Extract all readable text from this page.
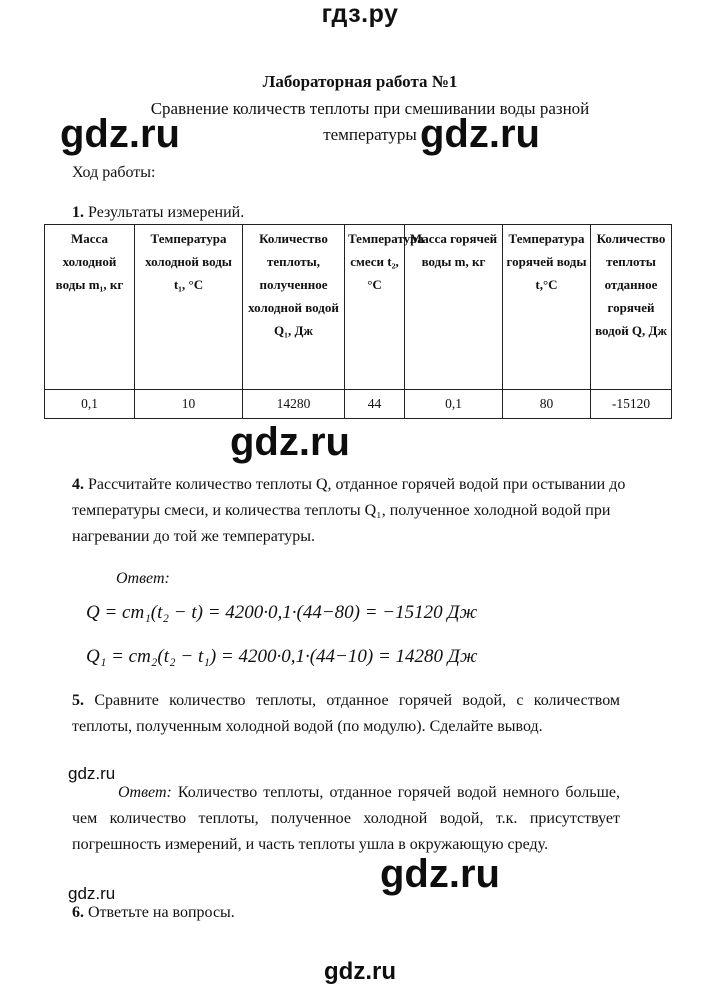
гдз.ру
Лабораторная работа №1
Сравнение количеств теплоты при смешивании воды разной температуры
gdz.ru	gdz.ru
Ход работы:
1. Результаты измерений.
Масса холодной воды m₁, кг	Температура холодной воды t₁, °C	Количество теплоты, полученное холодной водой Q₁, Дж	Температура смеси t₂, °C	Масса горячей воды m, кг	Температура горячей воды t,°C	Количество теплоты отданное горячей водой Q, Дж
0,1	10	14280	44	0,1	80	-15120
gdz.ru
4. Рассчитайте количество теплоты Q, отданное горячей водой при остывании до температуры смеси, и количества теплоты Q₁, полученное холодной водой при нагревании до той же температуры.
Ответ:
Q = cm₁(t₂ − t) = 4200·0,1·(44−80) = −15120 Дж
Q₁ = cm₂(t₂ − t₁) = 4200·0,1·(44−10) = 14280 Дж
5. Сравните количество теплоты, отданное горячей водой, с количеством теплоты, полученным холодной водой (по модулю). Сделайте вывод.
gdz.ru
Ответ: Количество теплоты, отданное горячей водой немного больше, чем количество теплоты, полученное холодной водой, т.к. присутствует погрешность измерений, и часть теплоты ушла в окружающую среду.
gdz.ru
gdz.ru
6. Ответьте на вопросы.
gdz.ru
